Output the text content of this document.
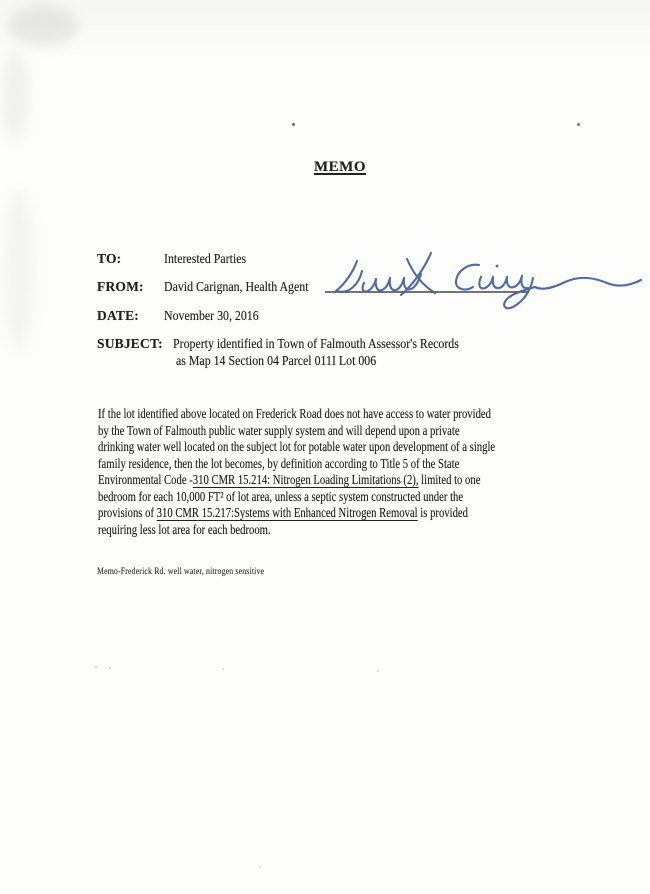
MEMO
TO:	Interested Parties
FROM: David Carignan, Health Agent
DATE: November 30, 2016
SUBJECT: Property identified in Town of Falmouth Assessor's Records
as Map 14 Section 04 Parcel 011I Lot 006
If the lot identified above located on Frederick Road does not have access to water provided
by the Town of Falmouth public water supply system and will depend upon a private
drinking water well located on the subject lot for potable water upon development of a single
family residence, then the lot becomes, by definition according to Title 5 of the State
Environmental Code -310 CMR 15.214: Nitrogen Loading Limitations (2), limited to one
bedroom for each 10,000 FT² of lot area, unless a septic system constructed under the
provisions of 310 CMR 15.217:Systems with Enhanced Nitrogen Removal is provided
requiring less lot area for each bedroom.
Memo-Frederick Rd. well water, nitrogen sensitive
